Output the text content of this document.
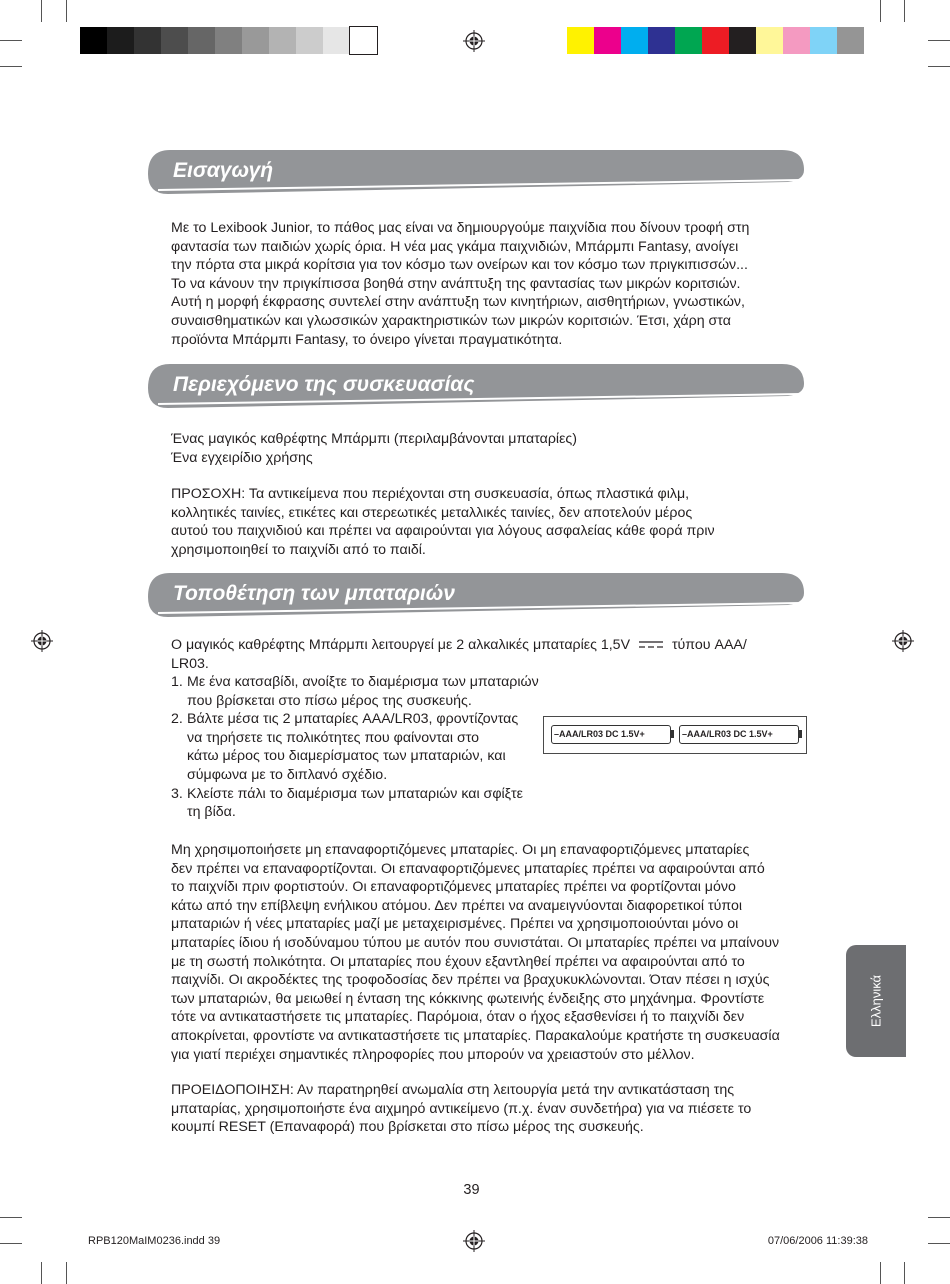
Εισαγωγή
Με το Lexibook Junior, το πάθος μας είναι να δημιουργούμε παιχνίδια που δίνουν τροφή στη
φαντασία των παιδιών χωρίς όρια. Η νέα μας γκάμα παιχνιδιών, Μπάρμπι Fantasy, ανοίγει
την πόρτα στα μικρά κορίτσια για τον κόσμο των ονείρων και τον κόσμο των πριγκιπισσών...
Το να κάνουν την πριγκίπισσα βοηθά στην ανάπτυξη της φαντασίας των μικρών κοριτσιών.
Αυτή η μορφή έκφρασης συντελεί στην ανάπτυξη των κινητήριων, αισθητήριων, γνωστικών,
συναισθηματικών και γλωσσικών χαρακτηριστικών των μικρών κοριτσιών. Έτσι, χάρη στα
προϊόντα Μπάρμπι Fantasy, το όνειρο γίνεται πραγματικότητα.
Περιεχόμενο της συσκευασίας
Ένας μαγικός καθρέφτης Μπάρμπι (περιλαμβάνονται μπαταρίες)
Ένα εγχειρίδιο χρήσης
ΠΡΟΣΟΧΗ: Τα αντικείμενα που περιέχονται στη συσκευασία, όπως πλαστικά φιλμ,
κολλητικές ταινίες, ετικέτες και στερεωτικές μεταλλικές ταινίες, δεν αποτελούν μέρος
αυτού του παιχνιδιού και πρέπει να αφαιρούνται για λόγους ασφαλείας κάθε φορά πριν
χρησιμοποιηθεί το παιχνίδι από το παιδί.
Τοποθέτηση των μπαταριών
Ο μαγικός καθρέφτης Μπάρμπι λειτουργεί με 2 αλκαλικές μπαταρίες 1,5V	τύπου AAA/
LR03.
1. Με ένα κατσαβίδι, ανοίξτε το διαμέρισμα των μπαταριών
που βρίσκεται στο πίσω μέρος της συσκευής.
2. Βάλτε μέσα τις 2 μπαταρίες AAA/LR03, φροντίζοντας
να τηρήσετε τις πολικότητες που φαίνονται στο
κάτω μέρος του διαμερίσματος των μπαταριών, και
σύμφωνα με το διπλανό σχέδιο.
3. Κλείστε πάλι το διαμέρισμα των μπαταριών και σφίξτε
τη βίδα.
–AAA/LR03 DC 1.5V+	–AAA/LR03 DC 1.5V+
Μη χρησιμοποιήσετε μη επαναφορτιζόμενες μπαταρίες. Οι μη επαναφορτιζόμενες μπαταρίες
δεν πρέπει να επαναφορτίζονται. Οι επαναφορτιζόμενες μπαταρίες πρέπει να αφαιρούνται από
το παιχνίδι πριν φορτιστούν. Οι επαναφορτιζόμενες μπαταρίες πρέπει να φορτίζονται μόνο
κάτω από την επίβλεψη ενήλικου ατόμου. Δεν πρέπει να αναμειγνύονται διαφορετικοί τύποι
μπαταριών ή νέες μπαταρίες μαζί με μεταχειρισμένες. Πρέπει να χρησιμοποιούνται μόνο οι
μπαταρίες ίδιου ή ισοδύναμου τύπου με αυτόν που συνιστάται. Οι μπαταρίες πρέπει να μπαίνουν
με τη σωστή πολικότητα. Οι μπαταρίες που έχουν εξαντληθεί πρέπει να αφαιρούνται από το
παιχνίδι. Οι ακροδέκτες της τροφοδοσίας δεν πρέπει να βραχυκυκλώνονται. Όταν πέσει η ισχύς
των μπαταριών, θα μειωθεί η ένταση της κόκκινης φωτεινής ένδειξης στο μηχάνημα. Φροντίστε
τότε να αντικαταστήσετε τις μπαταρίες. Παρόμοια, όταν ο ήχος εξασθενίσει ή το παιχνίδι δεν
αποκρίνεται, φροντίστε να αντικαταστήσετε τις μπαταρίες. Παρακαλούμε κρατήστε τη συσκευασία
για γιατί περιέχει σημαντικές πληροφορίες που μπορούν να χρειαστούν στο μέλλον.
ΠΡΟΕΙΔΟΠΟΙΗΣΗ: Αν παρατηρηθεί ανωμαλία στη λειτουργία μετά την αντικατάσταση της
μπαταρίας, χρησιμοποιήστε ένα αιχμηρό αντικείμενο (π.χ. έναν συνδετήρα) για να πιέσετε το
κουμπί RESET (Επαναφορά) που βρίσκεται στο πίσω μέρος της συσκευής.
Ελληνικά
39
RPB120MaIM0236.indd 39	07/06/2006 11:39:38
